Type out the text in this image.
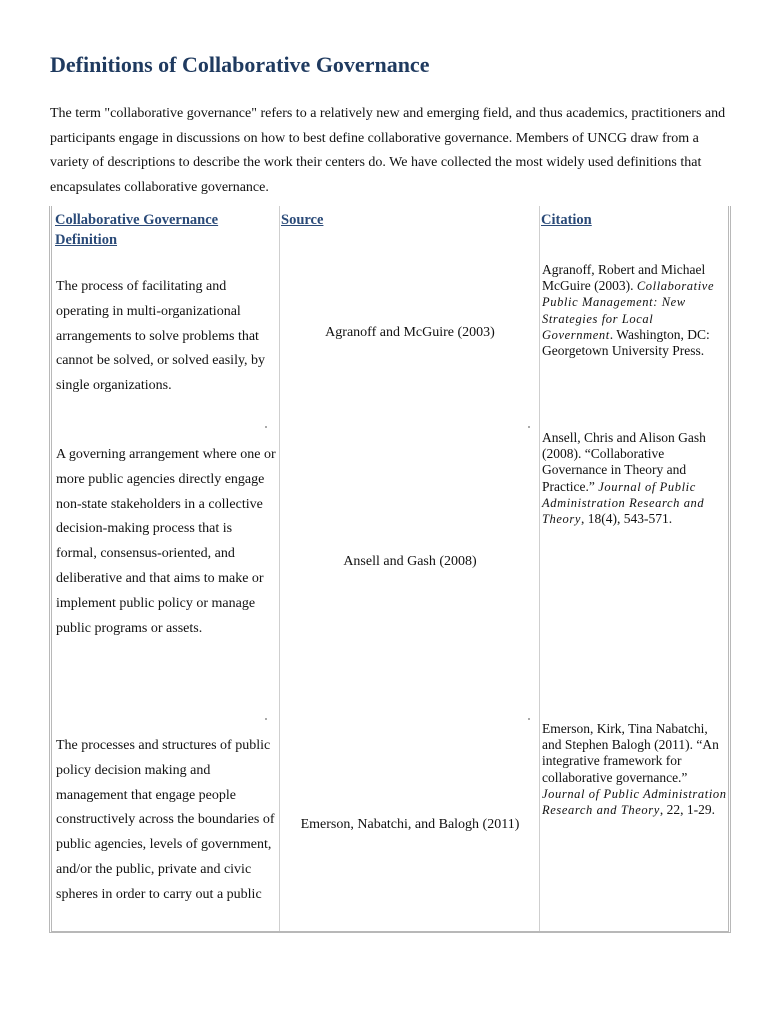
Definitions of Collaborative Governance

The term "collaborative governance" refers to a relatively new and emerging field, and thus academics, practitioners and participants engage in discussions on how to best define collaborative governance. Members of UNCG draw from a variety of descriptions to describe the work their centers do. We have collected the most widely used definitions that encapsulates collaborative governance.

Collaborative Governance Definition
Source	Citation
The process of facilitating and operating in multi-organizational arrangements to solve problems that cannot be solved, or solved easily, by single organizations.
Agranoff and McGuire (2003)
Agranoff, Robert and Michael McGuire (2003). Collaborative Public Management: New Strategies for Local Government. Washington, DC: Georgetown University Press.
A governing arrangement where one or more public agencies directly engage non-state stakeholders in a collective decision-making process that is formal, consensus-oriented, and deliberative and that aims to make or implement public policy or manage public programs or assets.
Ansell and Gash (2008)
Ansell, Chris and Alison Gash (2008). “Collaborative Governance in Theory and Practice.” Journal of Public Administration Research and Theory, 18(4), 543-571.
The processes and structures of public policy decision making and management that engage people constructively across the boundaries of public agencies, levels of government, and/or the public, private and civic spheres in order to carry out a public
Emerson, Nabatchi, and Balogh (2011)
Emerson, Kirk, Tina Nabatchi, and Stephen Balogh (2011). “An integrative framework for collaborative governance.” Journal of Public Administration Research and Theory, 22, 1-29.
